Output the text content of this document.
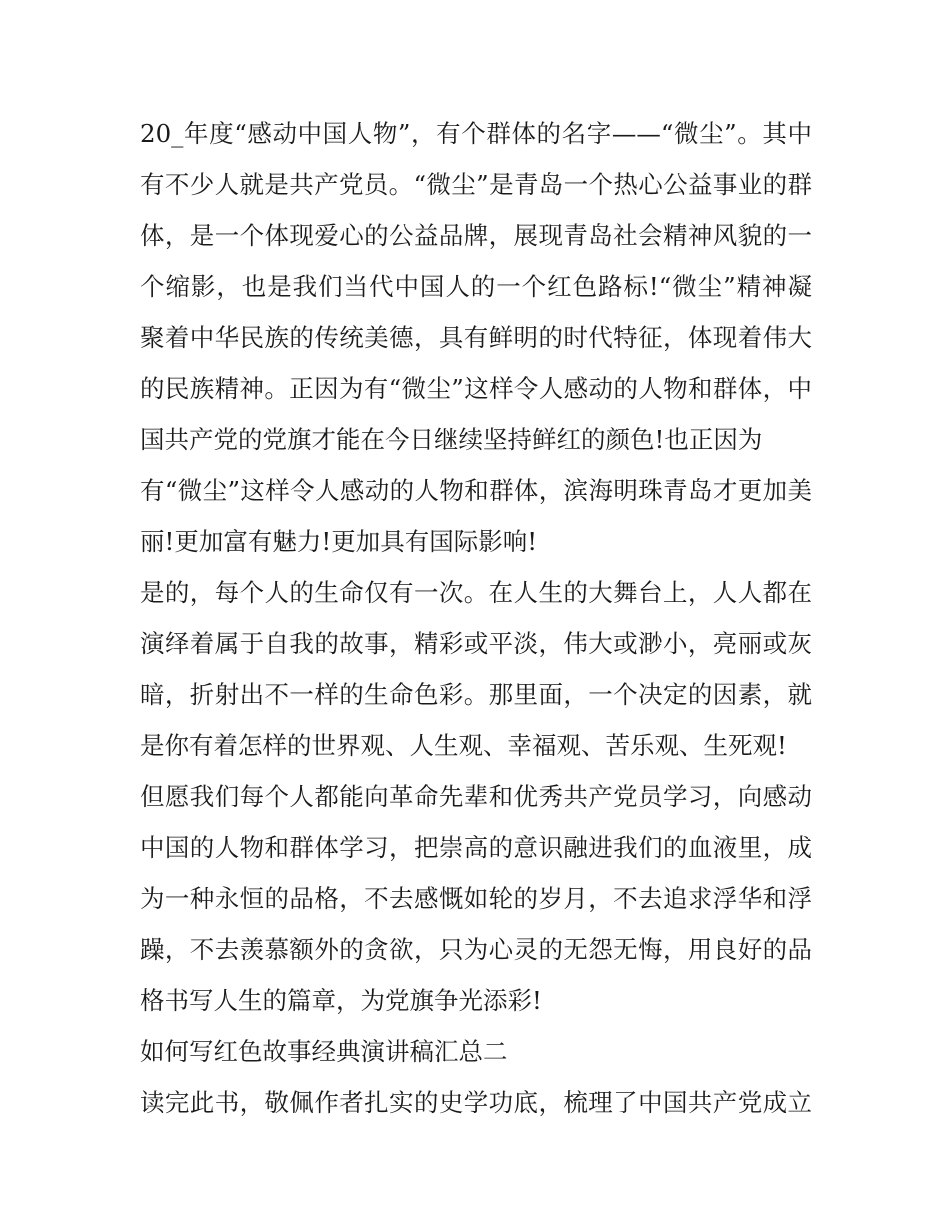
20_年度“感动中国人物”，有个群体的名字——“微尘”。其中
有不少人就是共产党员。“微尘”是青岛一个热心公益事业的群
体，是一个体现爱心的公益品牌，展现青岛社会精神风貌的一
个缩影，也是我们当代中国人的一个红色路标!“微尘”精神凝
聚着中华民族的传统美德，具有鲜明的时代特征，体现着伟大
的民族精神。正因为有“微尘”这样令人感动的人物和群体，中
国共产党的党旗才能在今日继续坚持鲜红的颜色!也正因为
有“微尘”这样令人感动的人物和群体，滨海明珠青岛才更加美
丽!更加富有魅力!更加具有国际影响!
是的，每个人的生命仅有一次。在人生的大舞台上，人人都在
演绎着属于自我的故事，精彩或平淡，伟大或渺小，亮丽或灰
暗，折射出不一样的生命色彩。那里面，一个决定的因素，就
是你有着怎样的世界观、人生观、幸福观、苦乐观、生死观!
但愿我们每个人都能向革命先辈和优秀共产党员学习，向感动
中国的人物和群体学习，把崇高的意识融进我们的血液里，成
为一种永恒的品格，不去感慨如轮的岁月，不去追求浮华和浮
躁，不去羡慕额外的贪欲，只为心灵的无怨无悔，用良好的品
格书写人生的篇章，为党旗争光添彩!
如何写红色故事经典演讲稿汇总二
读完此书，敬佩作者扎实的史学功底，梳理了中国共产党成立
